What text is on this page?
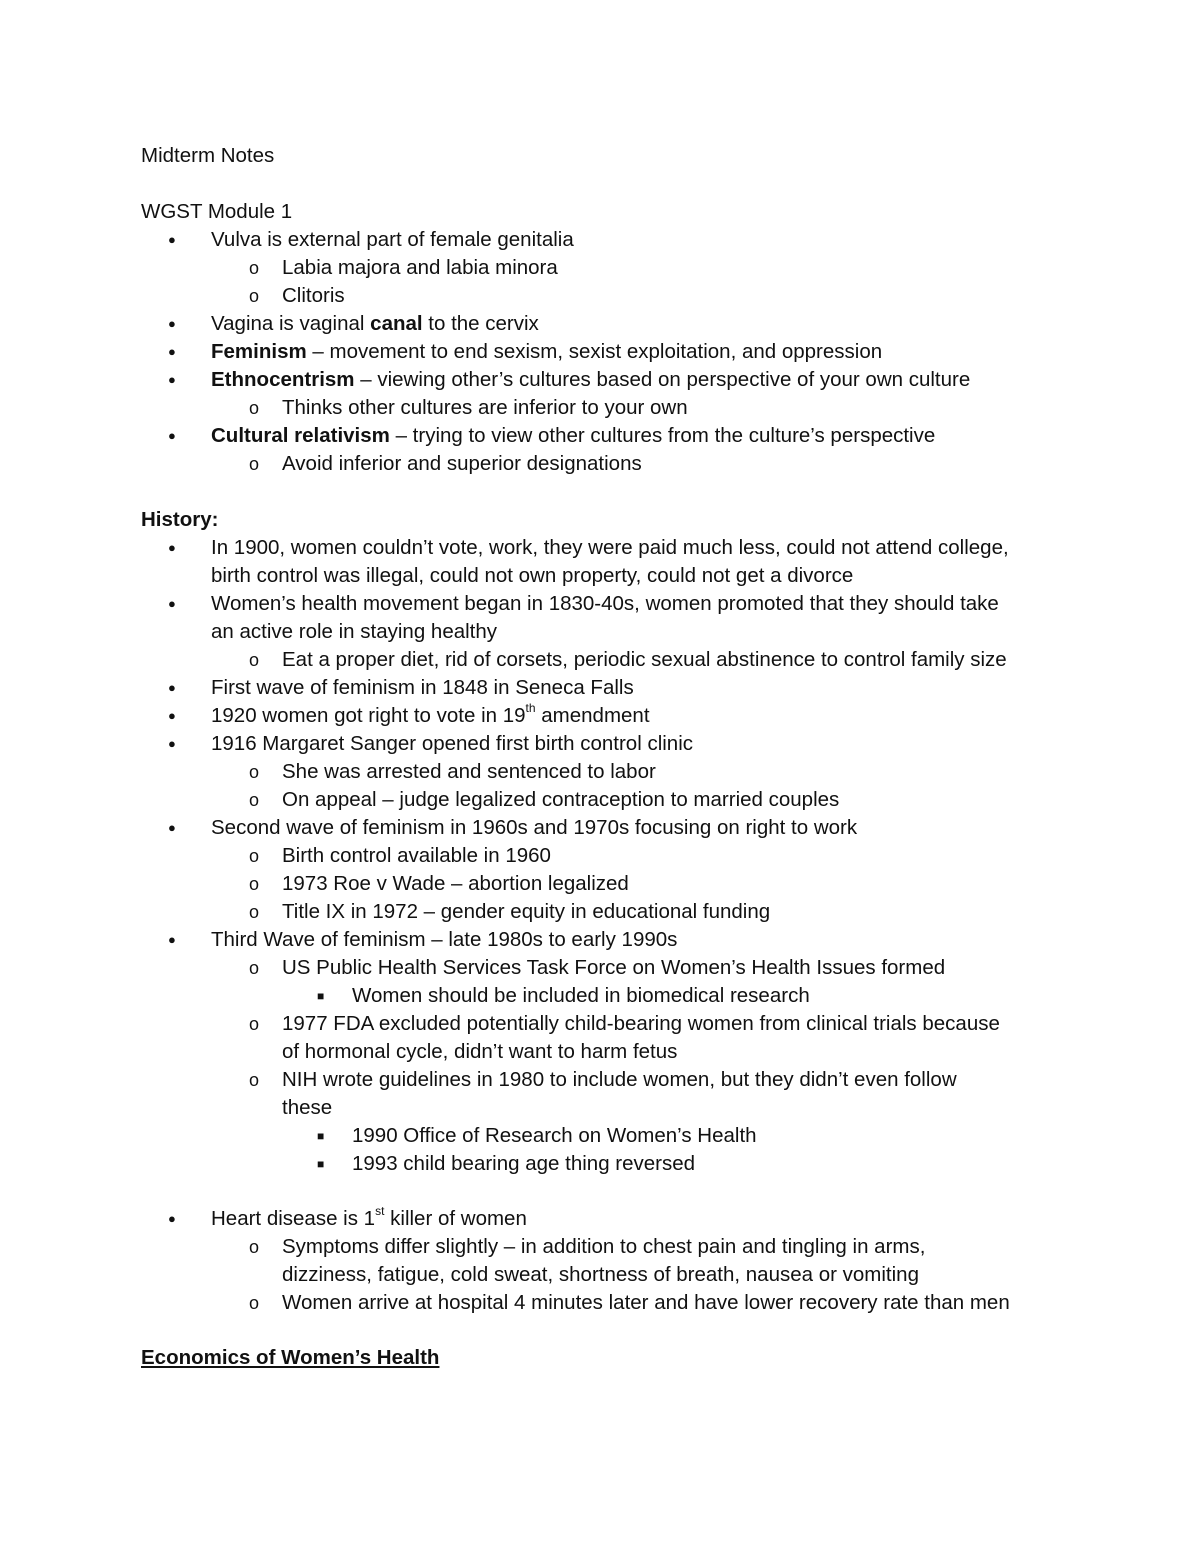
Midterm Notes
WGST Module 1
● Vulva is external part of female genitalia
o Labia majora and labia minora
o Clitoris
● Vagina is vaginal canal to the cervix
● Feminism – movement to end sexism, sexist exploitation, and oppression
● Ethnocentrism – viewing other’s cultures based on perspective of your own culture
o Thinks other cultures are inferior to your own
● Cultural relativism – trying to view other cultures from the culture’s perspective
o Avoid inferior and superior designations
History:
● In 1900, women couldn’t vote, work, they were paid much less, could not attend college,
birth control was illegal, could not own property, could not get a divorce
● Women’s health movement began in 1830-40s, women promoted that they should take
an active role in staying healthy
o Eat a proper diet, rid of corsets, periodic sexual abstinence to control family size
● First wave of feminism in 1848 in Seneca Falls
● 1920 women got right to vote in 19th amendment
● 1916 Margaret Sanger opened first birth control clinic
o She was arrested and sentenced to labor
o On appeal – judge legalized contraception to married couples
● Second wave of feminism in 1960s and 1970s focusing on right to work
o Birth control available in 1960
o 1973 Roe v Wade – abortion legalized
o Title IX in 1972 – gender equity in educational funding
● Third Wave of feminism – late 1980s to early 1990s
o US Public Health Services Task Force on Women’s Health Issues formed
■ Women should be included in biomedical research
o 1977 FDA excluded potentially child-bearing women from clinical trials because
of hormonal cycle, didn’t want to harm fetus
o NIH wrote guidelines in 1980 to include women, but they didn’t even follow
these
■ 1990 Office of Research on Women’s Health
■ 1993 child bearing age thing reversed
● Heart disease is 1st killer of women
o Symptoms differ slightly – in addition to chest pain and tingling in arms,
dizziness, fatigue, cold sweat, shortness of breath, nausea or vomiting
o Women arrive at hospital 4 minutes later and have lower recovery rate than men
Economics of Women’s Health
